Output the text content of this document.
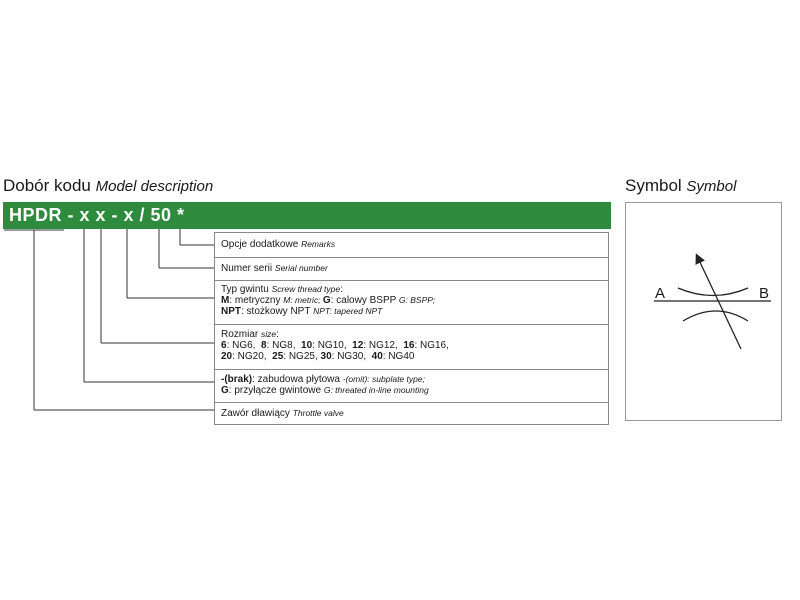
Dobór kodu Model description	Symbol Symbol
HPDR - x x - x / 50 *
Opcje dodatkowe Remarks
Numer serii Serial number
Typ gwintu Screw thread type:
M: metryczny M: metric; G: calowy BSPP G: BSPP;
NPT: stożkowy NPT NPT: tapered NPT
Rozmiar size:
6: NG6,  8: NG8,  10: NG10,  12: NG12,  16: NG16,
20: NG20,  25: NG25, 30: NG30,  40: NG40
-(brak): zabudowa płytowa -(omit): subplate type;
G: przyłącze gwintowe G: threated in-line mounting
Zawór dławiący Throttle valve
A	B
